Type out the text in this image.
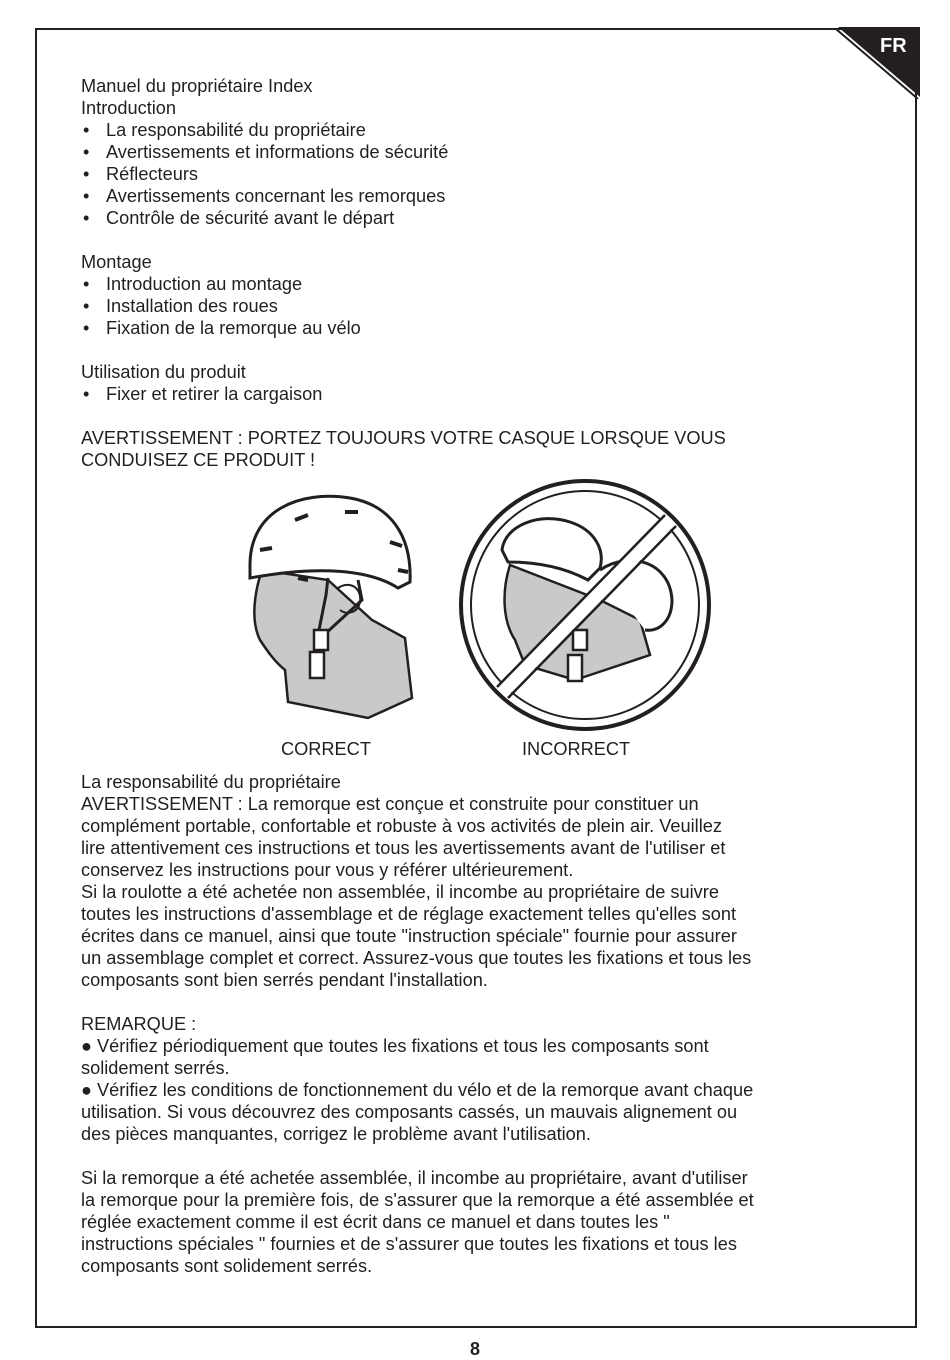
FR
Manuel du propriétaire Index
Introduction
• La responsabilité du propriétaire
• Avertissements et informations de sécurité
• Réflecteurs
• Avertissements concernant les remorques
• Contrôle de sécurité avant le départ
Montage
• Introduction au montage
• Installation des roues
• Fixation de la remorque au vélo
Utilisation du produit
• Fixer et retirer la cargaison
AVERTISSEMENT : PORTEZ TOUJOURS VOTRE CASQUE LORSQUE VOUS
CONDUISEZ CE PRODUIT !
CORRECT	INCORRECT
La responsabilité du propriétaire
AVERTISSEMENT : La remorque est conçue et construite pour constituer un
complément portable, confortable et robuste à vos activités de plein air. Veuillez
lire attentivement ces instructions et tous les avertissements avant de l'utiliser et
conservez les instructions pour vous y référer ultérieurement.
Si la roulotte a été achetée non assemblée, il incombe au propriétaire de suivre
toutes les instructions d'assemblage et de réglage exactement telles qu'elles sont
écrites dans ce manuel, ainsi que toute "instruction spéciale" fournie pour assurer
un assemblage complet et correct. Assurez-vous que toutes les fixations et tous les
composants sont bien serrés pendant l'installation.
REMARQUE :
● Vérifiez périodiquement que toutes les fixations et tous les composants sont
solidement serrés.
● Vérifiez les conditions de fonctionnement du vélo et de la remorque avant chaque
utilisation. Si vous découvrez des composants cassés, un mauvais alignement ou
des pièces manquantes, corrigez le problème avant l'utilisation.
Si la remorque a été achetée assemblée, il incombe au propriétaire, avant d'utiliser
la remorque pour la première fois, de s'assurer que la remorque a été assemblée et
réglée exactement comme il est écrit dans ce manuel et dans toutes les "
instructions spéciales " fournies et de s'assurer que toutes les fixations et tous les
composants sont solidement serrés.
8
